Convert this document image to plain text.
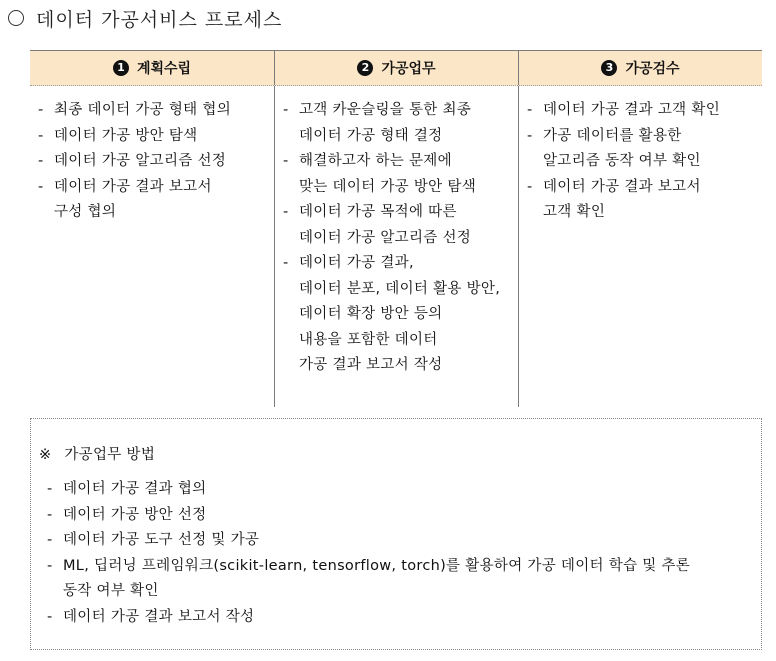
데이터 가공서비스 프로세스
1 계획수립	2 가공업무	3 가공검수
- 최종 데이터 가공 형태 협의
- 데이터 가공 방안 탐색
- 데이터 가공 알고리즘 선정
- 데이터 가공 결과 보고서
구성 협의
- 고객 카운슬링을 통한 최종
데이터 가공 형태 결정
- 해결하고자 하는 문제에
맞는 데이터 가공 방안 탐색
- 데이터 가공 목적에 따른
데이터 가공 알고리즘 선정
- 데이터 가공 결과,
데이터 분포, 데이터 활용 방안,
데이터 확장 방안 등의
내용을 포함한 데이터
가공 결과 보고서 작성
- 데이터 가공 결과 고객 확인
- 가공 데이터를 활용한
알고리즘 동작 여부 확인
- 데이터 가공 결과 보고서
고객 확인
※ 가공업무 방법
- 데이터 가공 결과 협의
- 데이터 가공 방안 선정
- 데이터 가공 도구 선정 및 가공
- ML, 딥러닝 프레임워크(scikit-learn, tensorflow, torch)를 활용하여 가공 데이터 학습 및 추론
동작 여부 확인
- 데이터 가공 결과 보고서 작성
